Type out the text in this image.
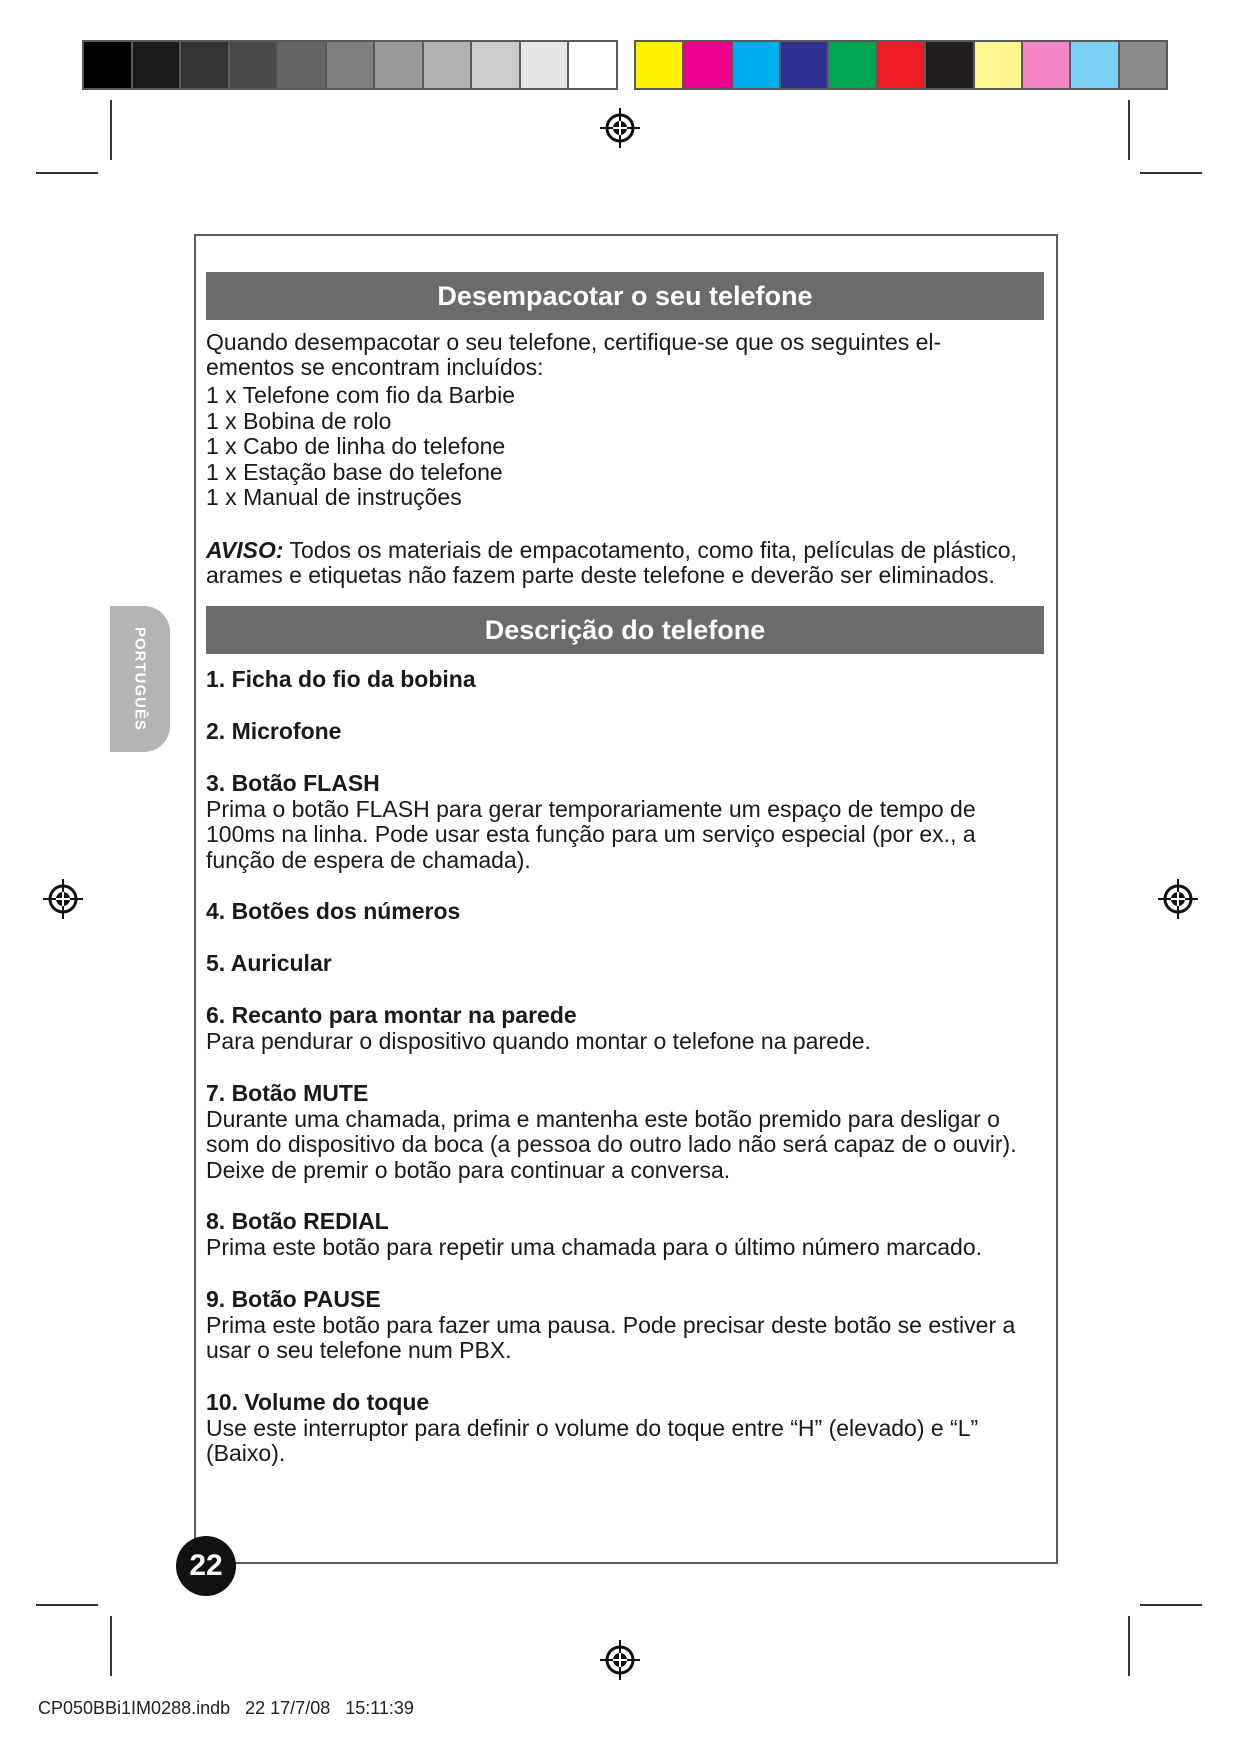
PORTUGUÊS
Desempacotar o seu telefone

Quando desempacotar o seu telefone, certifique-se que os seguintes el-
ementos se encontram incluídos:

1 x Telefone com fio da Barbie
1 x Bobina de rolo
1 x Cabo de linha do telefone
1 x Estação base do telefone
1 x Manual de instruções

AVISO: Todos os materiais de empacotamento, como fita, películas de plástico, arames e etiquetas não fazem parte deste telefone e deverão ser eliminados.

Descrição do telefone

1. Ficha do fio da bobina

2. Microfone

3. Botão FLASH

Prima o botão FLASH para gerar temporariamente um espaço de tempo de 100ms na linha. Pode usar esta função para um serviço especial (por ex., a função de espera de chamada).

4. Botões dos números

5. Auricular

6. Recanto para montar na parede

Para pendurar o dispositivo quando montar o telefone na parede.

7. Botão MUTE

Durante uma chamada, prima e mantenha este botão premido para desligar o som do dispositivo da boca (a pessoa do outro lado não será capaz de o ouvir). Deixe de premir o botão para continuar a conversa.

8. Botão REDIAL

Prima este botão para repetir uma chamada para o último número marcado.

9. Botão PAUSE

Prima este botão para fazer uma pausa. Pode precisar deste botão se estiver a usar o seu telefone num PBX.

10. Volume do toque

Use este interruptor para definir o volume do toque entre “H” (elevado) e “L” (Baixo).

22
CP050BBi1IM0288.indb   22 17/7/08   15:11:39
